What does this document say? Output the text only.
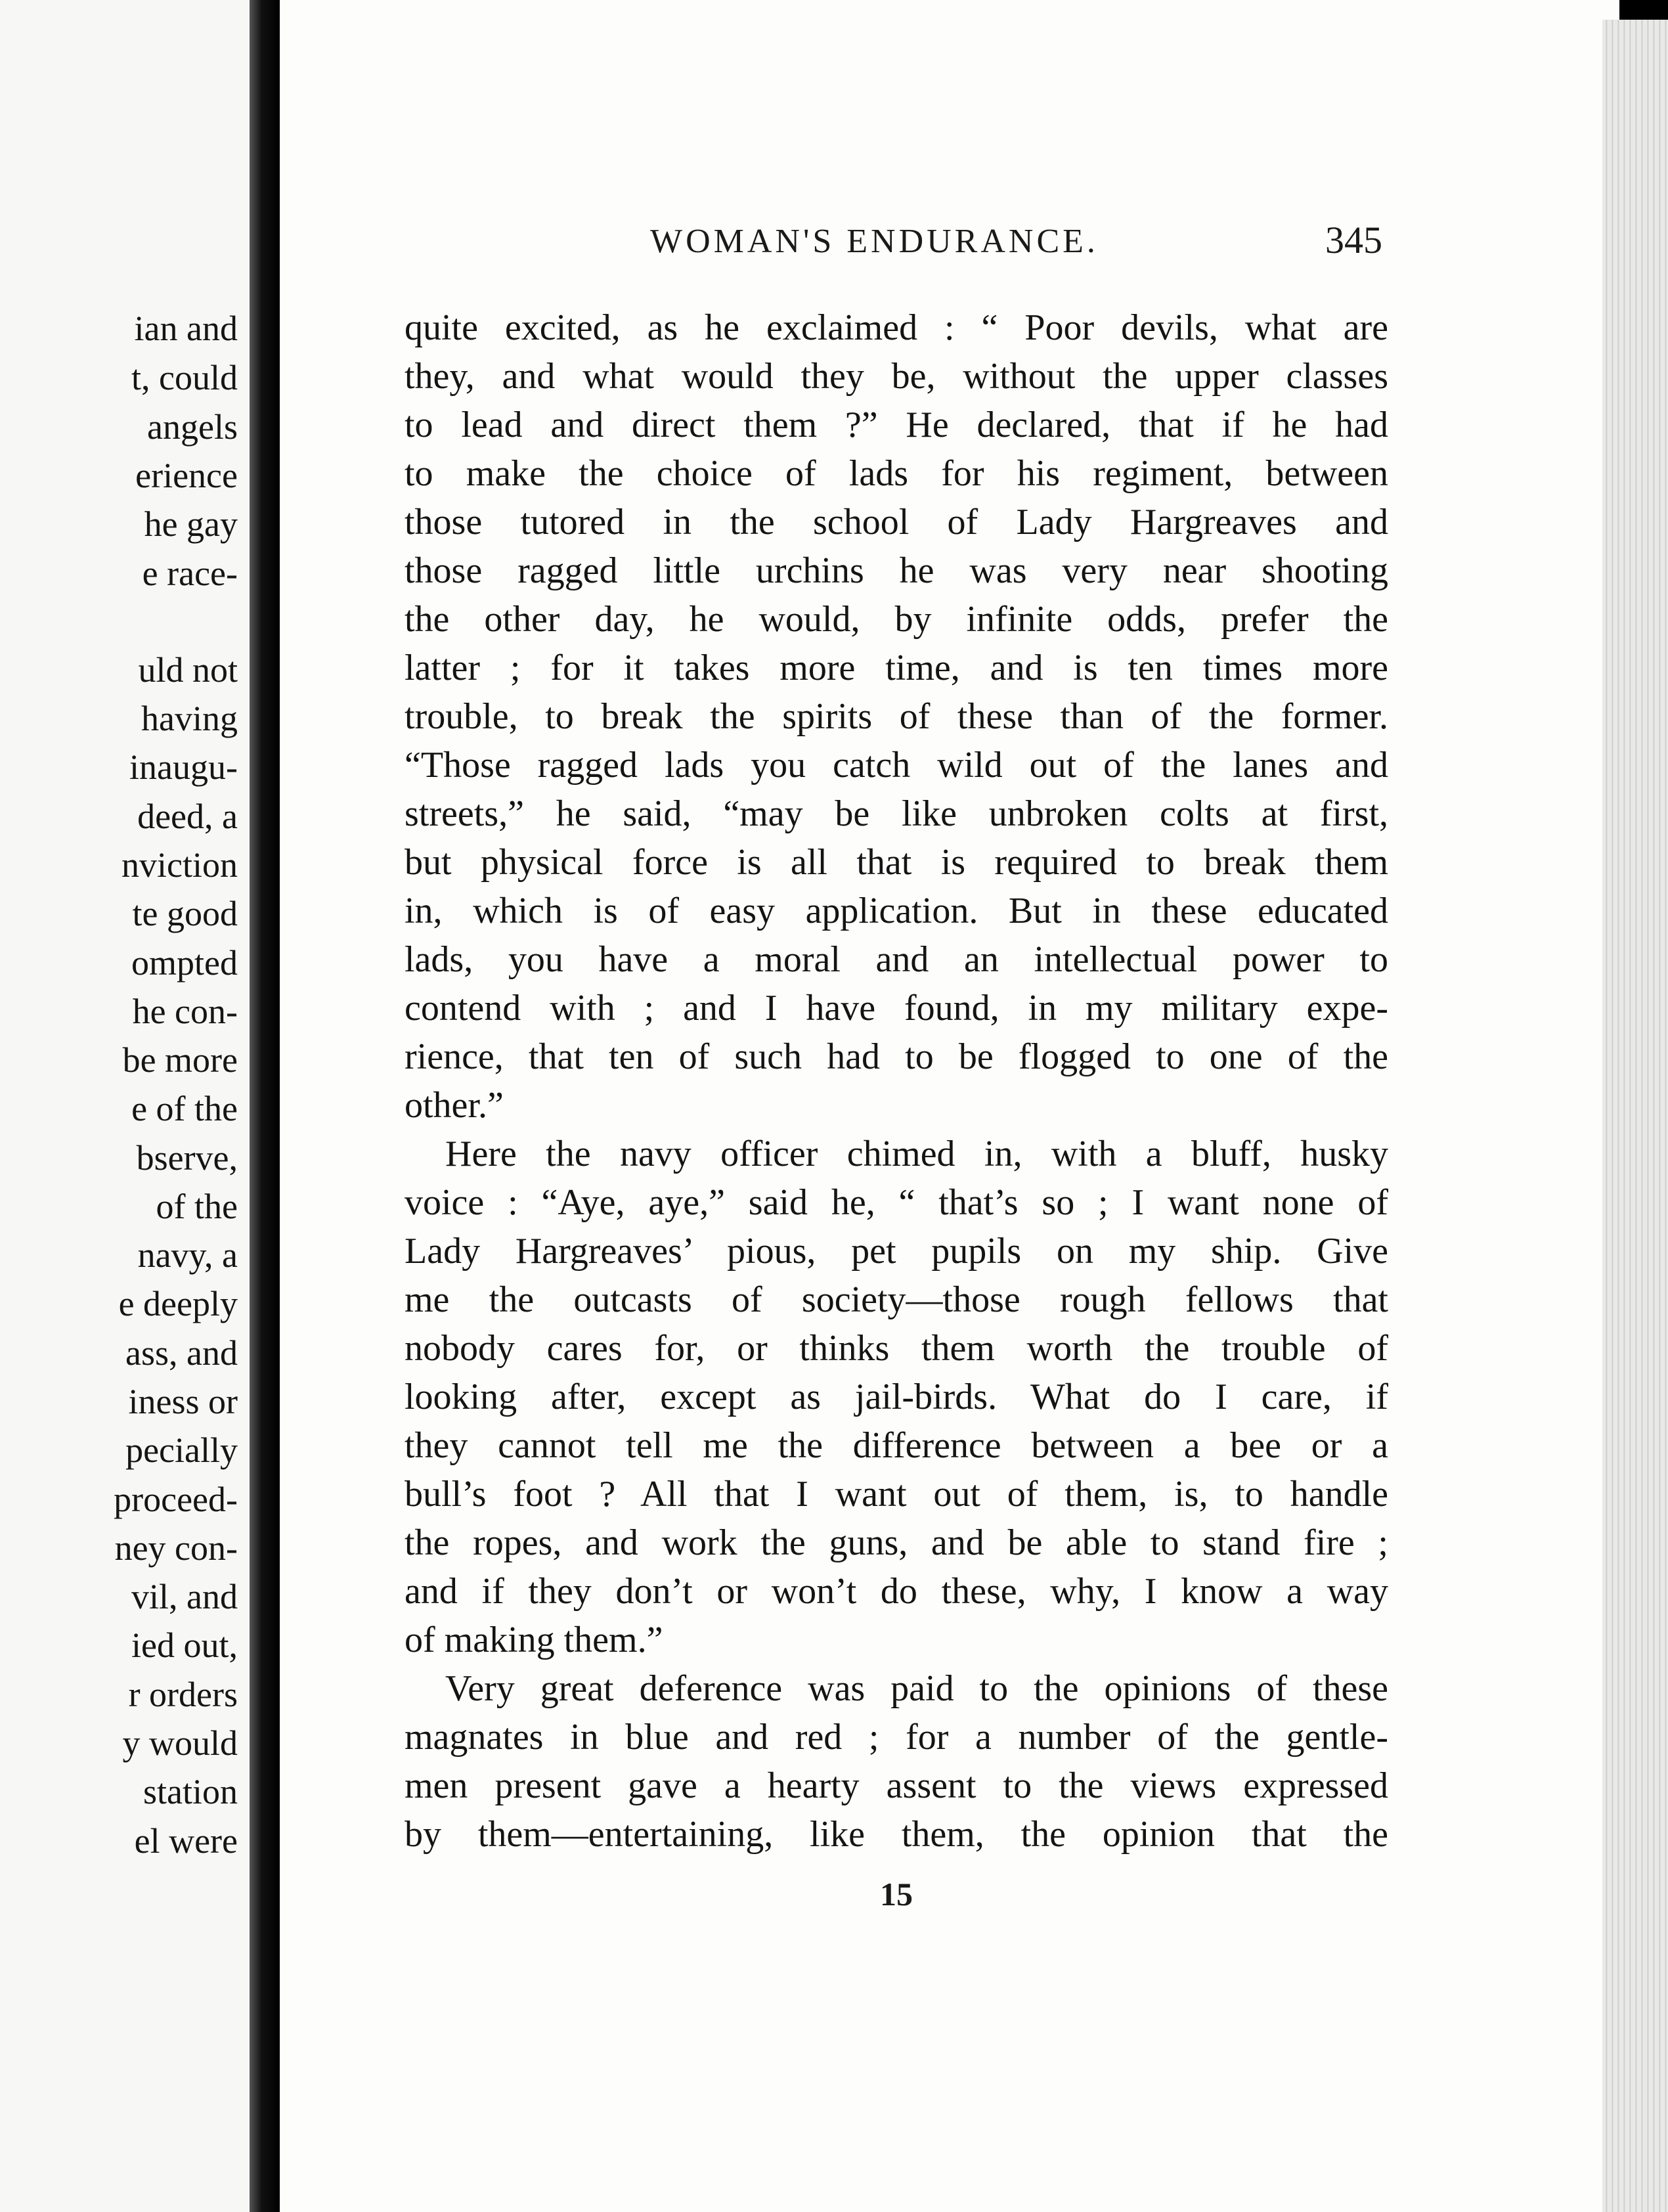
ian and
t, could
angels
erience
he gay
e race-
uld not
having
inaugu-
deed, a
nviction
te good
ompted
he con-
be more
e of the
bserve,
of the
navy, a
e deeply
ass, and
iness or
pecially
proceed-
ney con-
vil, and
ied out,
r orders
y would
station
el were
WOMAN'S ENDURANCE.	345
quite excited, as he exclaimed : “ Poor devils, what are
they, and what would they be, without the upper classes
to lead and direct them ?” He declared, that if he had
to make the choice of lads for his regiment, between
those tutored in the school of Lady Hargreaves and
those ragged little urchins he was very near shooting
the other day, he would, by infinite odds, prefer the
latter ; for it takes more time, and is ten times more
trouble, to break the spirits of these than of the former.
“Those ragged lads you catch wild out of the lanes and
streets,” he said, “may be like unbroken colts at first,
but physical force is all that is required to break them
in, which is of easy application. But in these educated
lads, you have a moral and an intellectual power to
contend with ; and I have found, in my military expe-
rience, that ten of such had to be flogged to one of the
other.”
Here the navy officer chimed in, with a bluff, husky
voice : “Aye, aye,” said he, “ that’s so ; I want none of
Lady Hargreaves’ pious, pet pupils on my ship. Give
me the outcasts of society—those rough fellows that
nobody cares for, or thinks them worth the trouble of
looking after, except as jail-birds. What do I care, if
they cannot tell me the difference between a bee or a
bull’s foot ? All that I want out of them, is, to handle
the ropes, and work the guns, and be able to stand fire ;
and if they don’t or won’t do these, why, I know a way
of making them.”
Very great deference was paid to the opinions of these
magnates in blue and red ; for a number of the gentle-
men present gave a hearty assent to the views expressed
by them—entertaining, like them, the opinion that the
15
